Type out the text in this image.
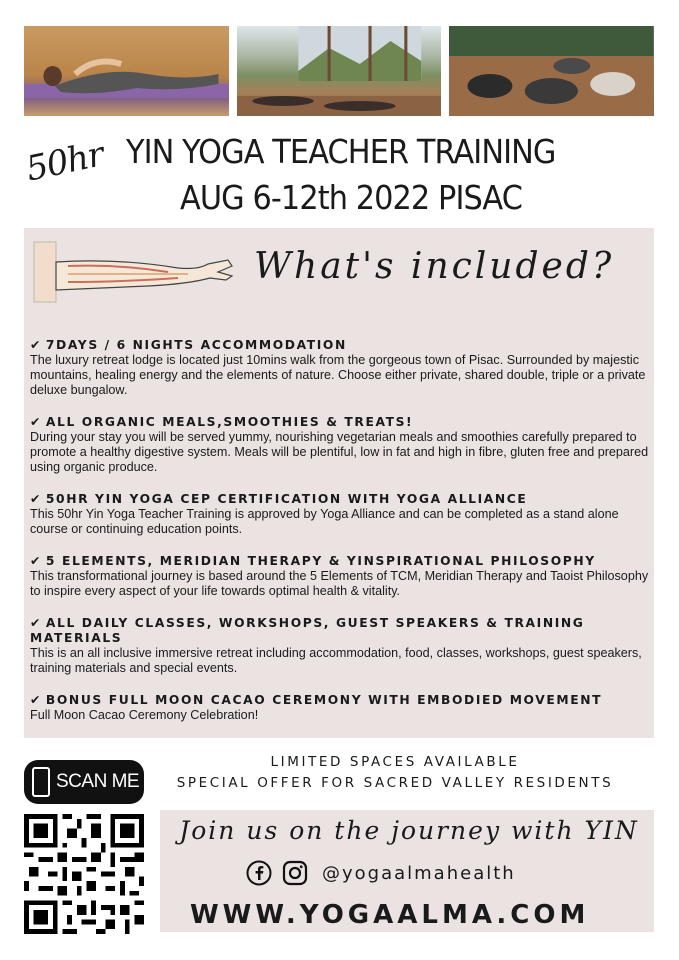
50hr YIN YOGA TEACHER TRAINING
AUG 6-12th 2022 PISAC
What's included?
✔ 7DAYS / 6 NIGHTS ACCOMMODATION
The luxury retreat lodge is located just 10mins walk from the gorgeous town of Pisac. Surrounded by majestic mountains, healing energy and the elements of nature. Choose either private, shared double, triple or a private deluxe bungalow.
✔ ALL ORGANIC MEALS,SMOOTHIES & TREATS!
During your stay you will be served yummy, nourishing vegetarian meals and smoothies carefully prepared to promote a healthy digestive system. Meals will be plentiful, low in fat and high in fibre, gluten free and prepared using organic produce.
✔ 50HR YIN YOGA CEP CERTIFICATION WITH YOGA ALLIANCE
This 50hr Yin Yoga Teacher Training is approved by Yoga Alliance and can be completed as a stand alone course or continuing education points.
✔ 5 ELEMENTS, MERIDIAN THERAPY & YINSPIRATIONAL PHILOSOPHY
This transformational journey is based around the 5 Elements of TCM, Meridian Therapy and Taoist Philosophy to inspire every aspect of your life towards optimal health & vitality.
✔ ALL DAILY CLASSES, WORKSHOPS, GUEST SPEAKERS & TRAINING MATERIALS
This is an all inclusive immersive retreat including accommodation, food, classes, workshops, guest speakers, training materials and special events.
✔ BONUS FULL MOON CACAO CEREMONY WITH EMBODIED MOVEMENT
Full Moon Cacao Ceremony Celebration!
LIMITED SPACES AVAILABLE
SPECIAL OFFER FOR SACRED VALLEY RESIDENTS
SCAN ME
Join us on the journey with YIN
@yogaalmahealth
WWW.YOGAALMA.COM
